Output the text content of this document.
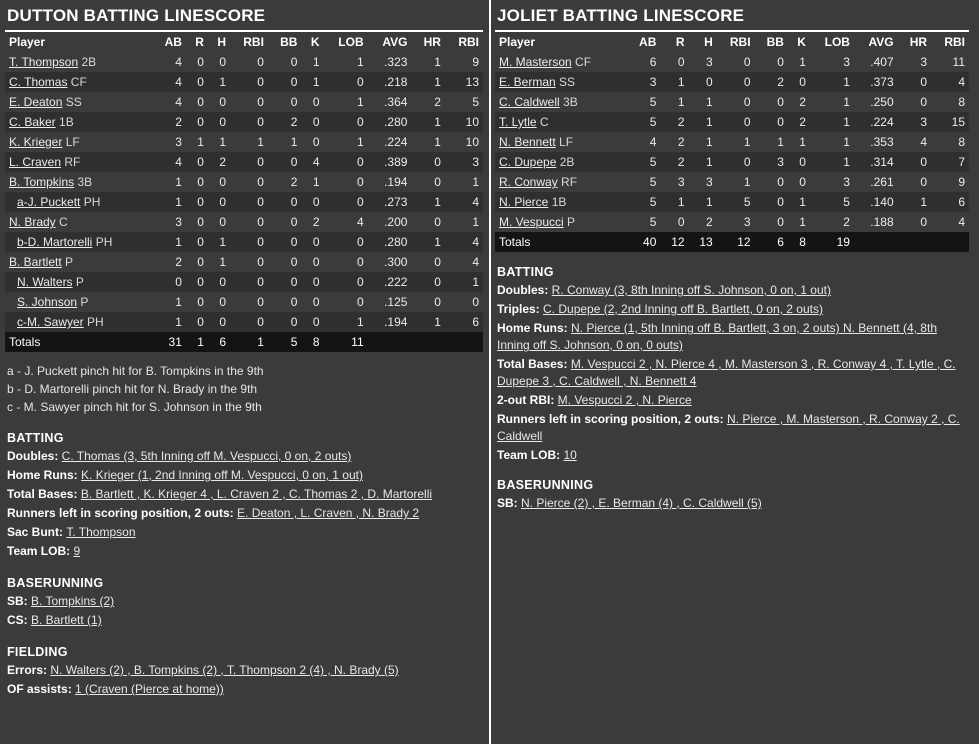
DUTTON BATTING LINESCORE
Player	AB	R	H	RBI	BB	K	LOB	AVG	HR	RBI
T. Thompson 2B	4	0	0	0	0	1	1	.323	1	9
C. Thomas CF	4	0	1	0	0	1	0	.218	1	13
E. Deaton SS	4	0	0	0	0	0	1	.364	2	5
C. Baker 1B	2	0	0	0	2	0	0	.280	1	10
K. Krieger LF	3	1	1	1	1	0	1	.224	1	10
L. Craven RF	4	0	2	0	0	4	0	.389	0	3
B. Tompkins 3B	1	0	0	0	2	1	0	.194	0	1
a-J. Puckett PH	1	0	0	0	0	0	0	.273	1	4
N. Brady C	3	0	0	0	0	2	4	.200	0	1
b-D. Martorelli PH	1	0	1	0	0	0	0	.280	1	4
B. Bartlett P	2	0	1	0	0	0	0	.300	0	4
N. Walters P	0	0	0	0	0	0	0	.222	0	1
S. Johnson P	1	0	0	0	0	0	0	.125	0	0
c-M. Sawyer PH	1	0	0	0	0	0	1	.194	1	6
Totals	31	1	6	1	5	8	11			
a - J. Puckett pinch hit for B. Tompkins in the 9th
b - D. Martorelli pinch hit for N. Brady in the 9th
c - M. Sawyer pinch hit for S. Johnson in the 9th
BATTING
Doubles: C. Thomas (3, 5th Inning off M. Vespucci, 0 on, 2 outs)
Home Runs: K. Krieger (1, 2nd Inning off M. Vespucci, 0 on, 1 out)
Total Bases: B. Bartlett , K. Krieger 4 , L. Craven 2 , C. Thomas 2 , D. Martorelli
Runners left in scoring position, 2 outs: E. Deaton , L. Craven , N. Brady 2
Sac Bunt: T. Thompson
Team LOB: 9
BASERUNNING
SB: B. Tompkins (2)
CS: B. Bartlett (1)
FIELDING
Errors: N. Walters (2) , B. Tompkins (2) , T. Thompson 2 (4) , N. Brady (5)
OF assists: 1 (Craven (Pierce at home))
JOLIET BATTING LINESCORE
Player	AB	R	H	RBI	BB	K	LOB	AVG	HR	RBI
M. Masterson CF	6	0	3	0	0	1	3	.407	3	11
E. Berman SS	3	1	0	0	2	0	1	.373	0	4
C. Caldwell 3B	5	1	1	0	0	2	1	.250	0	8
T. Lytle C	5	2	1	0	0	2	1	.224	3	15
N. Bennett LF	4	2	1	1	1	1	1	.353	4	8
C. Dupepe 2B	5	2	1	0	3	0	1	.314	0	7
R. Conway RF	5	3	3	1	0	0	3	.261	0	9
N. Pierce 1B	5	1	1	5	0	1	5	.140	1	6
M. Vespucci P	5	0	2	3	0	1	2	.188	0	4
Totals	40	12	13	12	6	8	19			
BATTING
Doubles: R. Conway (3, 8th Inning off S. Johnson, 0 on, 1 out)
Triples: C. Dupepe (2, 2nd Inning off B. Bartlett, 0 on, 2 outs)
Home Runs: N. Pierce (1, 5th Inning off B. Bartlett, 3 on, 2 outs) N. Bennett (4, 8th Inning off S. Johnson, 0 on, 0 outs)
Total Bases: M. Vespucci 2 , N. Pierce 4 , M. Masterson 3 , R. Conway 4 , T. Lytle , C. Dupepe 3 , C. Caldwell , N. Bennett 4
2-out RBI: M. Vespucci 2 , N. Pierce
Runners left in scoring position, 2 outs: N. Pierce , M. Masterson , R. Conway 2 , C. Caldwell
Team LOB: 10
BASERUNNING
SB: N. Pierce (2) , E. Berman (4) , C. Caldwell (5)
